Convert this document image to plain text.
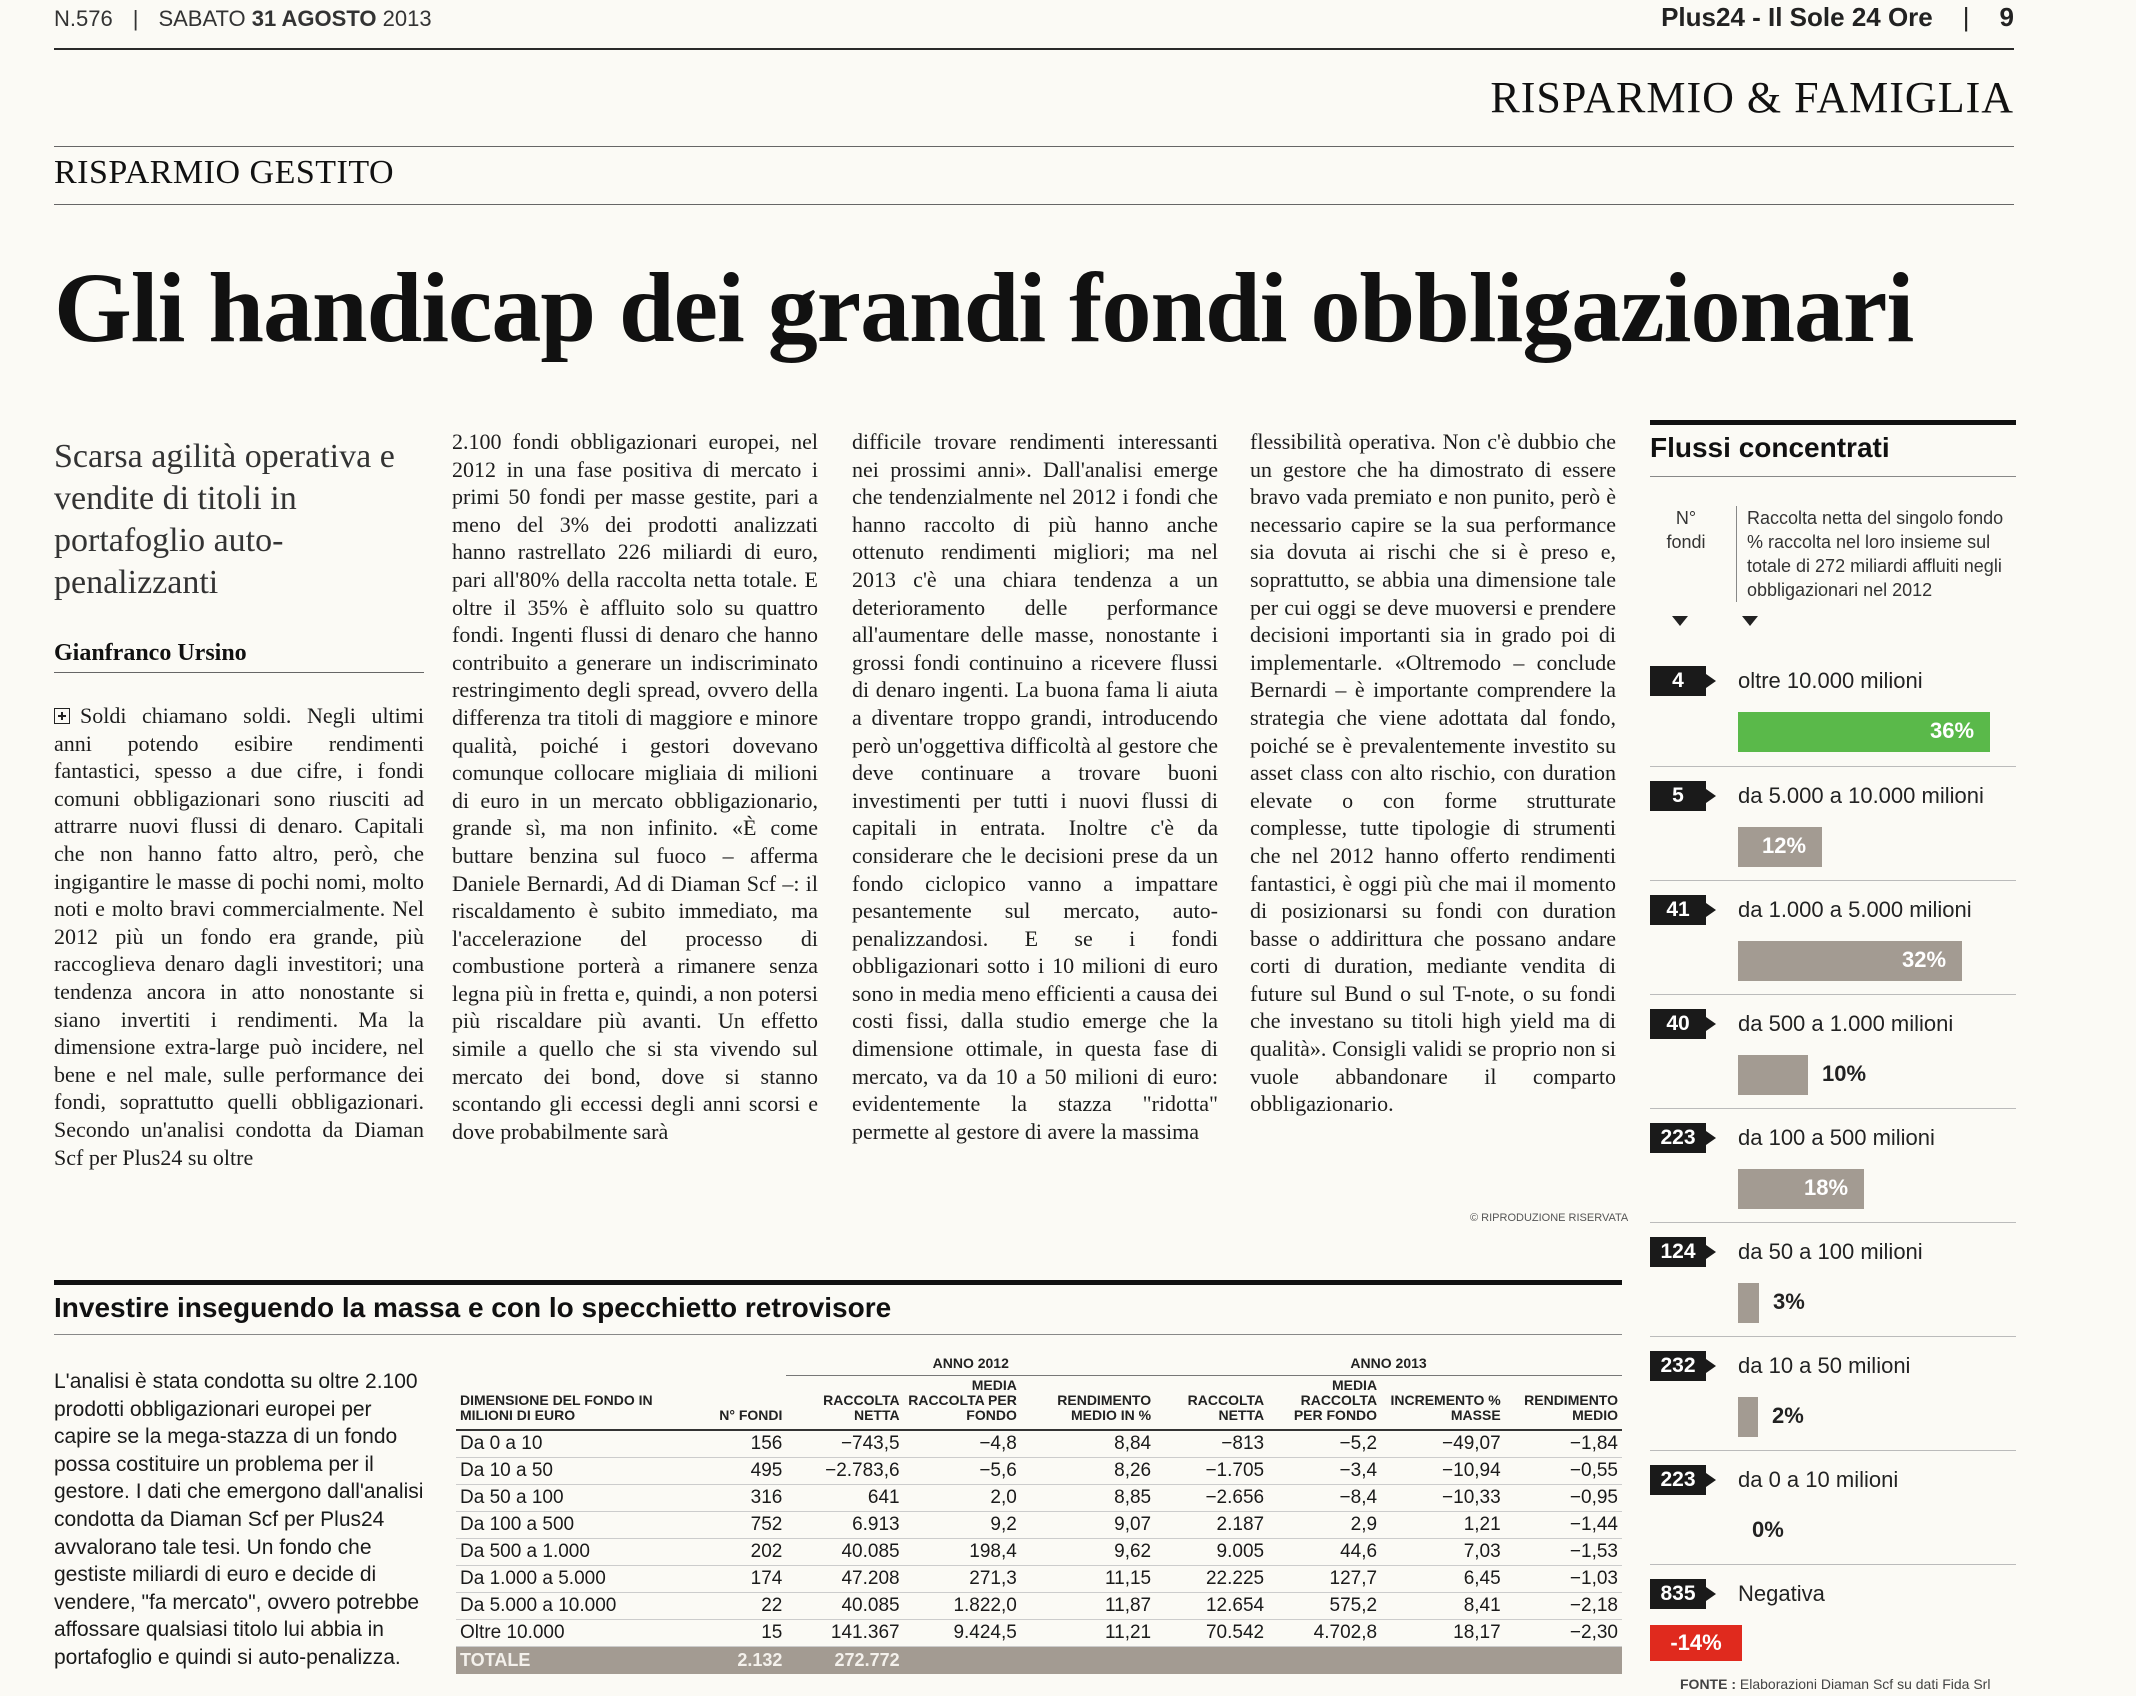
N.576 | SABATO 31 AGOSTO 2013	Plus24 - Il Sole 24 Ore | 9
RISPARMIO & FAMIGLIA
RISPARMIO GESTITO
Gli handicap dei grandi fondi obbligazionari
Scarsa agilità operativa e vendite di titoli in portafoglio auto-penalizzanti
Gianfranco Ursino

Soldi chiamano soldi. Negli ultimi anni potendo esibire rendimenti fantastici, spesso a due cifre, i fondi comuni obbligazionari sono riusciti ad attrarre nuovi flussi di denaro. Capitali che non hanno fatto altro, però, che ingigantire le masse di pochi nomi, molto noti e molto bravi commercialmente. Nel 2012 più un fondo era grande, più raccoglieva denaro dagli investitori; una tendenza ancora in atto nonostante si siano invertiti i rendimenti. Ma la dimensione extra-large può incidere, nel bene e nel male, sulle performance dei fondi, soprattutto quelli obbligazionari. Secondo un'analisi condotta da Diaman Scf per Plus24 su oltre

2.100 fondi obbligazionari europei, nel 2012 in una fase positiva di mercato i primi 50 fondi per masse gestite, pari a meno del 3% dei prodotti analizzati hanno rastrellato 226 miliardi di euro, pari all'80% della raccolta netta totale. E oltre il 35% è affluito solo su quattro fondi. Ingenti flussi di denaro che hanno contribuito a generare un indiscriminato restringimento degli spread, ovvero della differenza tra titoli di maggiore e minore qualità, poiché i gestori dovevano comunque collocare migliaia di milioni di euro in un mercato obbligazionario, grande sì, ma non infinito. «È come buttare benzina sul fuoco – afferma Daniele Bernardi, Ad di Diaman Scf –: il riscaldamento è subito immediato, ma l'accelerazione del processo di combustione porterà a rimanere senza legna più in fretta e, quindi, a non potersi più riscaldare più avanti. Un effetto simile a quello che si sta vivendo sul mercato dei bond, dove si stanno scontando gli eccessi degli anni scorsi e dove probabilmente sarà

difficile trovare rendimenti interessanti nei prossimi anni». Dall'analisi emerge che tendenzialmente nel 2012 i fondi che hanno raccolto di più hanno anche ottenuto rendimenti migliori; ma nel 2013 c'è una chiara tendenza a un deterioramento delle performance all'aumentare delle masse, nonostante i grossi fondi continuino a ricevere flussi di denaro ingenti. La buona fama li aiuta a diventare troppo grandi, introducendo però un'oggettiva difficoltà al gestore che deve continuare a trovare buoni investimenti per tutti i nuovi flussi di capitali in entrata. Inoltre c'è da considerare che le decisioni prese da un fondo ciclopico vanno a impattare pesantemente sul mercato, auto-penalizzandosi. E se i fondi obbligazionari sotto i 10 milioni di euro sono in media meno efficienti a causa dei costi fissi, dalla studio emerge che la dimensione ottimale, in questa fase di mercato, va da 10 a 50 milioni di euro: evidentemente la stazza "ridotta" permette al gestore di avere la massima

flessibilità operativa. Non c'è dubbio che un gestore che ha dimostrato di essere bravo vada premiato e non punito, però è necessario capire se la sua performance sia dovuta ai rischi che si è preso e, soprattutto, se abbia una dimensione tale per cui oggi se deve muoversi e prendere decisioni importanti sia in grado poi di implementarle. «Oltremodo – conclude Bernardi – è importante comprendere la strategia che viene adottata dal fondo, poiché se è prevalentemente investito su asset class con alto rischio, con duration elevate o con forme strutturate complesse, tutte tipologie di strumenti che nel 2012 hanno offerto rendimenti fantastici, è oggi più che mai il momento di posizionarsi su fondi con duration basse o addirittura che possano andare corti di duration, mediante vendita di future sul Bund o sul T-note, o su fondi che investano su titoli high yield ma di qualità». Consigli validi se proprio non si vuole abbandonare il comparto obbligazionario.

© RIPRODUZIONE RISERVATA
Flussi concentrati
N° fondi
Raccolta netta del singolo fondo % raccolta nel loro insieme sul totale di 272 miliardi affluiti negli obbligazionari nel 2012
4	oltre 10.000 milioni
36%
5	da 5.000 a 10.000 milioni
12%
41	da 1.000 a 5.000 milioni
32%
40	da 500 a 1.000 milioni
10%
223	da 100 a 500 milioni
18%
124	da 50 a 100 milioni
3%
232	da 10 a 50 milioni
2%
223	da 0 a 10 milioni
0%
835	Negativa
-14%
Investire inseguendo la massa e con lo specchietto retrovisore
L'analisi è stata condotta su oltre 2.100 prodotti obbligazionari europei per capire se la mega-stazza di un fondo possa costituire un problema per il gestore. I dati che emergono dall'analisi condotta da Diaman Scf per Plus24 avvalorano tale tesi. Un fondo che gestiste miliardi di euro e decide di vendere, "fa mercato", ovvero potrebbe affossare qualsiasi titolo lui abbia in portafoglio e quindi si auto-penalizza.
		ANNO 2012			ANNO 2013			
DIMENSIONE DEL FONDO IN MILIONI DI EURO	N° FONDI	RACCOLTA NETTA	MEDIA RACCOLTA PER FONDO	RENDIMENTO MEDIO IN %	RACCOLTA NETTA	MEDIA RACCOLTA PER FONDO	INCREMENTO % MASSE	RENDIMENTO MEDIO
Da 0 a 10	156	−743,5	−4,8	8,84	−813	−5,2	−49,07	−1,84
Da 10 a 50	495	−2.783,6	−5,6	8,26	−1.705	−3,4	−10,94	−0,55
Da 50 a 100	316	641	2,0	8,85	−2.656	−8,4	−10,33	−0,95
Da 100 a 500	752	6.913	9,2	9,07	2.187	2,9	1,21	−1,44
Da 500 a 1.000	202	40.085	198,4	9,62	9.005	44,6	7,03	−1,53
Da 1.000 a 5.000	174	47.208	271,3	11,15	22.225	127,7	6,45	−1,03
Da 5.000 a 10.000	22	40.085	1.822,0	11,87	12.654	575,2	8,41	−2,18
Oltre 10.000	15	141.367	9.424,5	11,21	70.542	4.702,8	18,17	−2,30
TOTALE	2.132	272.772						
FONTE : Elaborazioni Diaman Scf su dati Fida Srl
